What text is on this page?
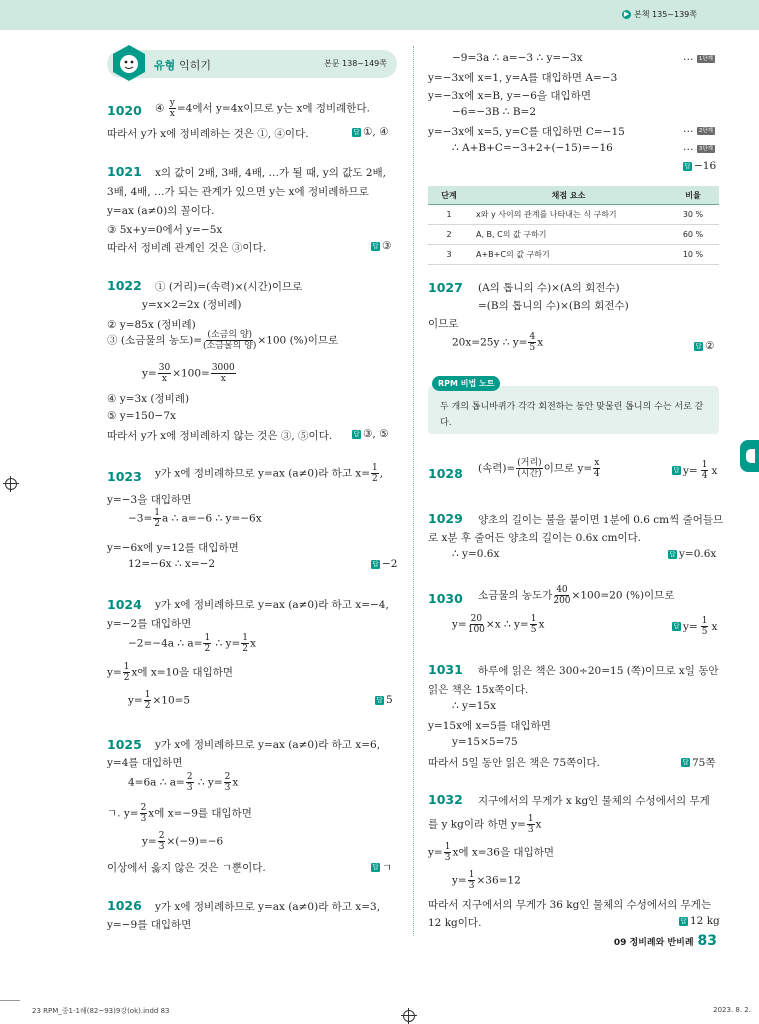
▶ 본책 135~139쪽
유형 익히기	본문 138~149쪽
1020 ④ $\frac{y}{x} =4$에서 y=4x이므로 y는 x에 정비례한다.
따라서 y가 x에 정비례하는 것은 ①, ④이다.	답 ①, ④
1021 x의 값이 2배, 3배, 4배, …가 될 때, y의 값도 2배,
3배, 4배, …가 되는 관계가 있으면 y는 x에 정비례하므로
y=ax (a≠0)의 꼴이다.
③ 5x+y=0에서 y=−5x
따라서 정비례 관계인 것은 ③이다.	답 ③
1022 ① (거리)=(속력)×(시간)이므로
y=x×2=2x (정비례)
② y=85x (정비례)
③ (소금물의 농도)= $\frac{\text{(소금의 양)}}{\text{(소금물의 양)}} \times 100$ (%)이므로
$y= \frac{30}{x} \times 100= \frac{3000}{x}$
④ y=3x (정비례)
⑤ y=150−7x
따라서 y가 x에 정비례하지 않는 것은 ③, ⑤이다.	답 ③, ⑤
1023 y가 x에 정비례하므로 y=ax (a≠0)라 하고 $x= \frac{1}{2}$ ,
y=−3을 대입하면
$-3= \frac{1}{2}$ a ∴ a=−6 ∴ y=−6x
y=−6x에 y=12를 대입하면
12=−6x ∴ x=−2	답 −2
1024 y가 x에 정비례하므로 y=ax (a≠0)라 하고 x=−4,
y=−2를 대입하면
−2=−4a ∴ $a= \frac{1}{2}$ ∴ $y= \frac{1}{2}$ x
$y= \frac{1}{2}$ x에 x=10을 대입하면
$y= \frac{1}{2} \times 10=5$	답 5
1025 y가 x에 정비례하므로 y=ax (a≠0)라 하고 x=6,
y=4를 대입하면
4=6a ∴ $a= \frac{2}{3}$ ∴ $y= \frac{2}{3}$ x
ㄱ. $y= \frac{2}{3}$ x에 x=−9를 대입하면
$y= \frac{2}{3} \times(-9)=-6$
이상에서 옳지 않은 것은 ㄱ뿐이다.	답 ㄱ
1026 y가 x에 정비례하므로 y=ax (a≠0)라 하고 x=3,
y=−9를 대입하면
−9=3a ∴ a=−3 ∴ y=−3x	… 1단계
y=−3x에 x=1, y=A를 대입하면 A=−3
y=−3x에 x=B, y=−6을 대입하면
−6=−3B ∴ B=2
y=−3x에 x=5, y=C를 대입하면 C=−15	… 2단계
∴ A+B+C=−3+2+(−15)=−16	… 3단계
답 −16
단계	채점 요소	비율
1	x와 y 사이의 관계를 나타내는 식 구하기	30 %
2	A, B, C의 값 구하기	60 %
3	A+B+C의 값 구하기	10 %
1027 (A의 톱니의 수)×(A의 회전수)
=(B의 톱니의 수)×(B의 회전수)
이므로
20x=25y ∴ $y= \frac{4}{5}$ x	답 ②
RPM 비법 노트
두 개의 톱니바퀴가 각각 회전하는 동안 맞물린 톱니의 수는 서로 같다.
1028 (속력)= $\frac{\text{(거리)}}{\text{(시간)}}$ 이므로 $y= \frac{x}{4}$	답 $y= \frac{1}{4}$ x
1029 양초의 길이는 불을 붙이면 1분에 0.6 cm씩 줄어들므
로 x분 후 줄어든 양초의 길이는 0.6x cm이다.
∴ y=0.6x	답 y=0.6x
1030 소금물의 농도가 $\frac{40}{200} \times 100=20$ (%)이므로
$y= \frac{20}{100} \times x$ ∴ $y= \frac{1}{5}$ x	답 $y= \frac{1}{5}$ x
1031 하루에 읽은 책은 300÷20=15 (쪽)이므로 x일 동안
읽은 책은 15x쪽이다.
∴ y=15x
y=15x에 x=5를 대입하면
y=15×5=75
따라서 5일 동안 읽은 책은 75쪽이다.	답 75쪽
1032 지구에서의 무게가 x kg인 물체의 수성에서의 무게
를 y kg이라 하면 $y= \frac{1}{3}$ x
$y= \frac{1}{3}$ x에 x=36을 대입하면
$y= \frac{1}{3} \times 36=12$
따라서 지구에서의 무게가 36 kg인 물체의 수성에서의 무게는
12 kg이다.	답 12 kg
09 정비례와 반비례 83
23 RPM_중1-1해(82~93)9강(ok).indd 83	2023. 8. 2.
